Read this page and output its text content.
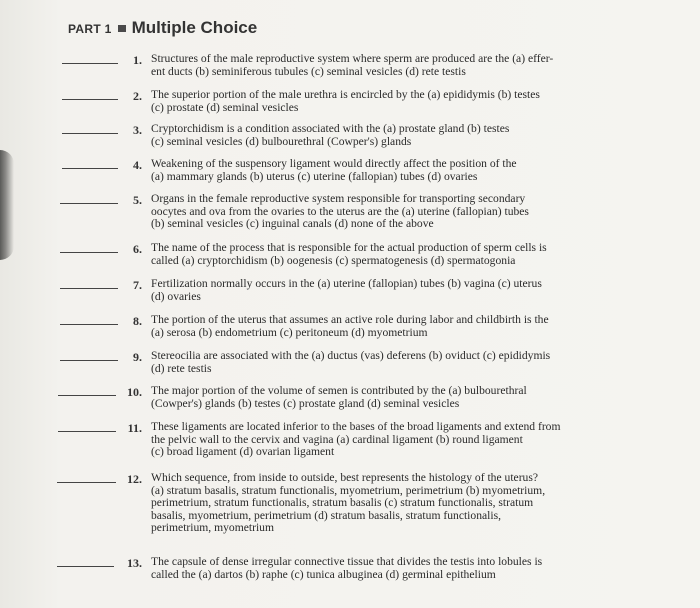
PART 1 Multiple Choice
1. Structures of the male reproductive system where sperm are produced are the (a) effer-
ent ducts (b) seminiferous tubules (c) seminal vesicles (d) rete testis
2. The superior portion of the male urethra is encircled by the (a) epididymis (b) testes
(c) prostate (d) seminal vesicles
3. Cryptorchidism is a condition associated with the (a) prostate gland (b) testes
(c) seminal vesicles (d) bulbourethral (Cowper's) glands
4. Weakening of the suspensory ligament would directly affect the position of the
(a) mammary glands (b) uterus (c) uterine (fallopian) tubes (d) ovaries
5. Organs in the female reproductive system responsible for transporting secondary
oocytes and ova from the ovaries to the uterus are the (a) uterine (fallopian) tubes
(b) seminal vesicles (c) inguinal canals (d) none of the above
6. The name of the process that is responsible for the actual production of sperm cells is
called (a) cryptorchidism (b) oogenesis (c) spermatogenesis (d) spermatogonia
7. Fertilization normally occurs in the (a) uterine (fallopian) tubes (b) vagina (c) uterus
(d) ovaries
8. The portion of the uterus that assumes an active role during labor and childbirth is the
(a) serosa (b) endometrium (c) peritoneum (d) myometrium
9. Stereocilia are associated with the (a) ductus (vas) deferens (b) oviduct (c) epididymis
(d) rete testis
10. The major portion of the volume of semen is contributed by the (a) bulbourethral
(Cowper's) glands (b) testes (c) prostate gland (d) seminal vesicles
11. These ligaments are located inferior to the bases of the broad ligaments and extend from
the pelvic wall to the cervix and vagina (a) cardinal ligament (b) round ligament
(c) broad ligament (d) ovarian ligament
12. Which sequence, from inside to outside, best represents the histology of the uterus?
(a) stratum basalis, stratum functionalis, myometrium, perimetrium (b) myometrium,
perimetrium, stratum functionalis, stratum basalis (c) stratum functionalis, stratum
basalis, myometrium, perimetrium (d) stratum basalis, stratum functionalis,
perimetrium, myometrium
13. The capsule of dense irregular connective tissue that divides the testis into lobules is
called the (a) dartos (b) raphe (c) tunica albuginea (d) germinal epithelium
